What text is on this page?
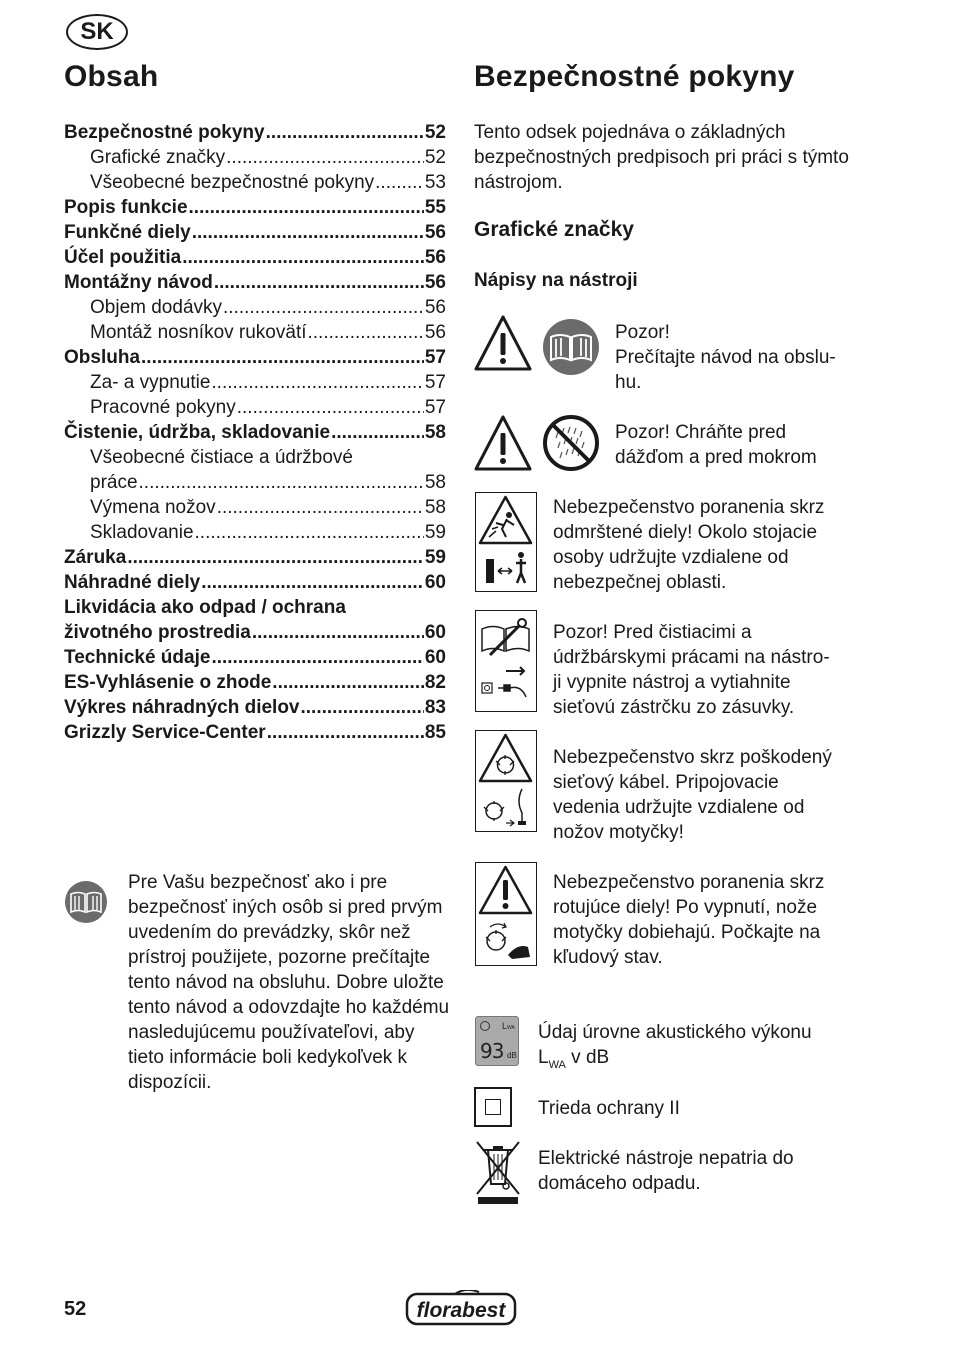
SK
Obsah
Bezpečnostné pokyny .....	52
Grafické značky .....	52
Všeobecné bezpečnostné pokyny .....	53
Popis funkcie .....	55
Funkčné diely .....	56
Účel použitia .....	56
Montážny návod .....	56
Objem dodávky .....	56
Montáž nosníkov rukovätí .....	56
Obsluha .....	57
Za- a vypnutie .....	57
Pracovné pokyny .....	57
Čistenie, údržba, skladovanie .....	58
Všeobecné čistiace a údržbové
práce .....	58
Výmena nožov .....	58
Skladovanie .....	59
Záruka .....	59
Náhradné diely .....	60
Likvidácia ako odpad / ochrana
životného prostredia .....	60
Technické údaje .....	60
ES-Vyhlásenie o zhode .....	82
Výkres náhradných dielov .....	83
Grizzly Service-Center .....	85
Pre Vašu bezpečnosť ako i pre bezpečnosť iných osôb si pred prvým uvedením do prevádzky, skôr než prístroj použijete, pozorne prečítajte tento návod na obsluhu. Dobre uložte tento návod a odovzdajte ho každému nasledujúcemu používateľovi, aby tieto informácie boli kedykoľvek k dispozícii.
Bezpečnostné pokyny
Tento odsek pojednáva o základných bezpečnostných predpisoch pri práci s týmto nástrojom.
Grafické značky
Nápisy na nástroji
Pozor!
Prečítajte návod na obslu-
hu.
Pozor! Chráňte pred
dážďom a pred mokrom
Nebezpečenstvo poranenia skrz
odmrštené diely! Okolo stojacie
osoby udržujte vzdialene od
nebezpečnej oblasti.
Pozor! Pred čistiacimi a
údržbárskymi prácami na nástro-
ji vypnite nástroj a vytiahnite
sieťovú zástrčku zo zásuvky.
Nebezpečenstvo skrz poškodený
sieťový kábel. Pripojovacie
vedenia udržujte vzdialene od
nožov motyčky!
Nebezpečenstvo poranenia skrz
rotujúce diely! Po vypnutí, nože
motyčky dobiehajú. Počkajte na
kľudový stav.
LWA
93 dB
Údaj úrovne akustického výkonu
$L_{WA}$ v dB
Trieda ochrany II
Elektrické nástroje nepatria do
domáceho odpadu.
52	florabest
